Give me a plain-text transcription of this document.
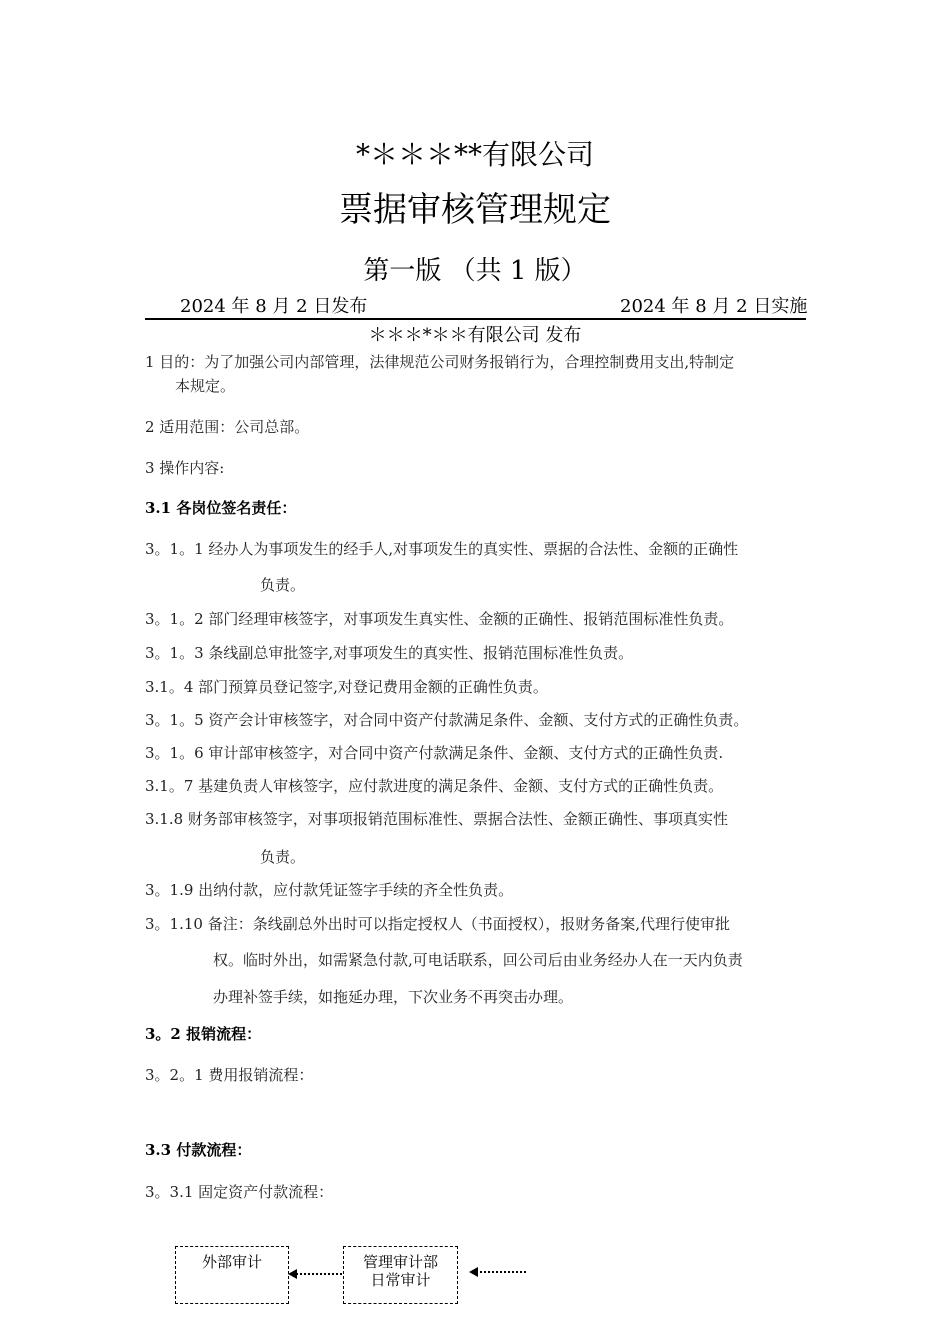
*＊＊＊**有限公司
票据审核管理规定
第一版 （共 1 版）
2024 年 8 月 2 日发布	2024 年 8 月 2 日实施
＊＊＊*＊＊有限公司 发布
1 目的：为了加强公司内部管理，法律规范公司财务报销行为，合理控制费用支出,特制定
本规定。
2 适用范围：公司总部。
3 操作内容:
3.1 各岗位签名责任：
3。1。1 经办人为事项发生的经手人,对事项发生的真实性、票据的合法性、金额的正确性
负责。
3。1。2 部门经理审核签字，对事项发生真实性、金额的正确性、报销范围标准性负责。
3。1。3 条线副总审批签字,对事项发生的真实性、报销范围标准性负责。
3.1。4 部门预算员登记签字,对登记费用金额的正确性负责。
3。1。5 资产会计审核签字，对合同中资产付款满足条件、金额、支付方式的正确性负责。
3。1。6 审计部审核签字，对合同中资产付款满足条件、金额、支付方式的正确性负责.
3.1。7 基建负责人审核签字，应付款进度的满足条件、金额、支付方式的正确性负责。
3.1.8 财务部审核签字，对事项报销范围标准性、票据合法性、金额正确性、事项真实性
负责。
3。1.9 出纳付款，应付款凭证签字手续的齐全性负责。
3。1.10 备注：条线副总外出时可以指定授权人（书面授权），报财务备案,代理行使审批
权。临时外出，如需紧急付款,可电话联系，回公司后由业务经办人在一天内负责
办理补签手续，如拖延办理，下次业务不再突击办理。
3。2 报销流程：
3。2。1 费用报销流程：
3.3 付款流程：
3。3.1 固定资产付款流程：
外部审计	管理审计部
日常审计
